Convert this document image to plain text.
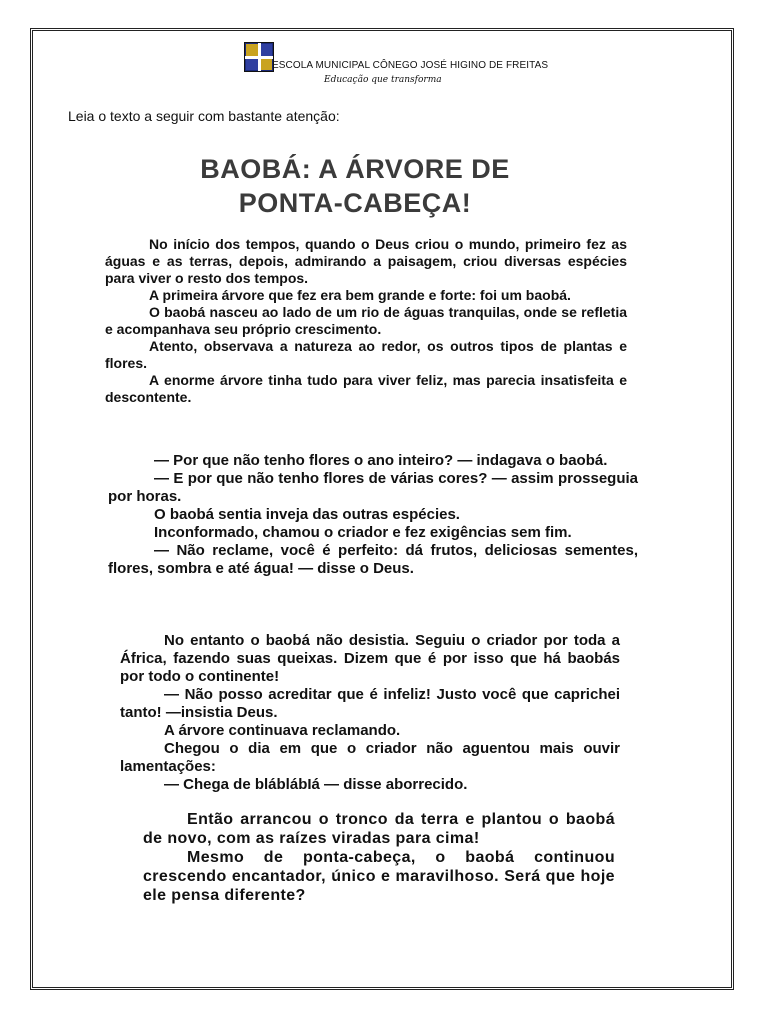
ESCOLA MUNICIPAL CÔNEGO JOSÉ HIGINO DE FREITAS
Educação que transforma
Leia o texto a seguir com bastante atenção:
BAOBÁ: A ÁRVORE DE
PONTA-CABEÇA!
No início dos tempos, quando o Deus criou o mundo, primeiro fez as águas e as terras, depois, admirando a paisagem, criou diversas espécies para viver o resto dos tempos.
A primeira árvore que fez era bem grande e forte: foi um baobá.
O baobá nasceu ao lado de um rio de águas tranquilas, onde se refletia e acompanhava seu próprio crescimento.
Atento, observava a natureza ao redor, os outros tipos de plantas e flores.
A enorme árvore tinha tudo para viver feliz, mas parecia insatisfeita e descontente.
— Por que não tenho flores o ano inteiro? — indagava o baobá.
— E por que não tenho flores de várias cores? — assim prosseguia por horas.
O baobá sentia inveja das outras espécies.
Inconformado, chamou o criador e fez exigências sem fim.
— Não reclame, você é perfeito: dá frutos, deliciosas sementes, flores, sombra e até água! — disse o Deus.
No entanto o baobá não desistia. Seguiu o criador por toda a África, fazendo suas queixas. Dizem que é por isso que há baobás por todo o continente!
— Não posso acreditar que é infeliz! Justo você que caprichei tanto! —insistia Deus.
A árvore continuava reclamando.
Chegou o dia em que o criador não aguentou mais ouvir lamentações:
— Chega de bláblábIá — disse aborrecido.
Então arrancou o tronco da terra e plantou o baobá de novo, com as raízes viradas para cima!
Mesmo de ponta-cabeça, o baobá continuou crescendo encantador, único e maravilhoso. Será que hoje ele pensa diferente?
